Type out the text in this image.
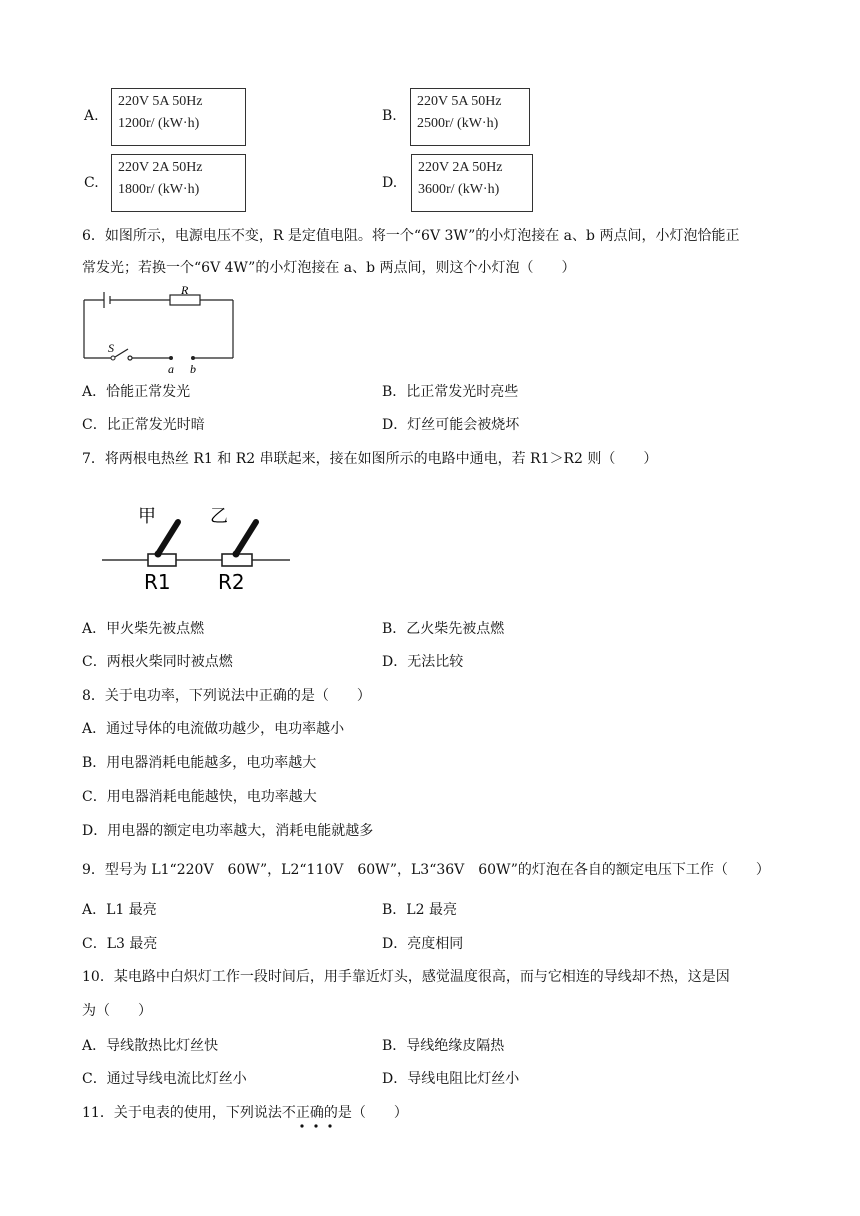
A.
220V 5A 50Hz
1200r/ (kW·h)	B.
220V 5A 50Hz
2500r/ (kW·h)
C.
220V 2A 50Hz
1800r/ (kW·h)	D.
220V 2A 50Hz
3600r/ (kW·h)
6．如图所示，电源电压不变，R 是定值电阻。将一个“6V 3W”的小灯泡接在 a、b 两点间，小灯泡恰能正
常发光；若换一个“6V 4W”的小灯泡接在 a、b 两点间，则这个小灯泡（　　）
R
S
a b
A．恰能正常发光	B．比正常发光时亮些
C．比正常发光时暗	D．灯丝可能会被烧坏
7．将两根电热丝 R1 和 R2 串联起来，接在如图所示的电路中通电，若 R1＞R2 则（　　）
甲	乙
R1 R2
A．甲火柴先被点燃	B．乙火柴先被点燃
C．两根火柴同时被点燃	D．无法比较
8．关于电功率，下列说法中正确的是（　　）
A．通过导体的电流做功越少，电功率越小
B．用电器消耗电能越多，电功率越大
C．用电器消耗电能越快，电功率越大
D．用电器的额定电功率越大，消耗电能就越多
9．型号为 L1“220V　60W”，L2“110V　60W”，L3“36V　60W”的灯泡在各自的额定电压下工作（　　）
A．L1 最亮	B．L2 最亮
C．L3 最亮	D．亮度相同
10．某电路中白炽灯工作一段时间后，用手靠近灯头，感觉温度很高，而与它相连的导线却不热，这是因
为（　　）
A．导线散热比灯丝快	B．导线绝缘皮隔热
C．通过导线电流比灯丝小	D．导线电阻比灯丝小
11．关于电表的使用，下列说法不正确的是（　　）
